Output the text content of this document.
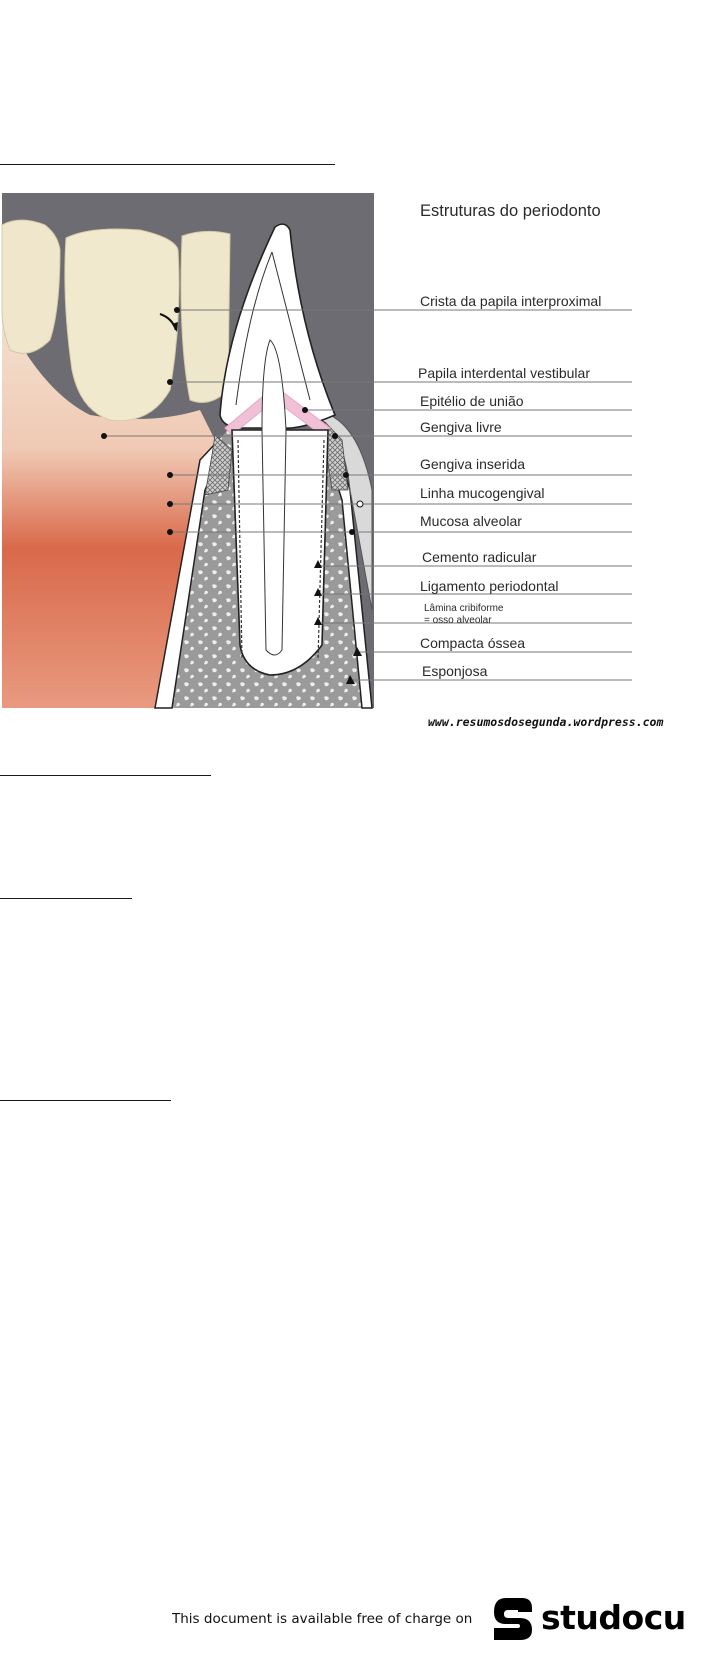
Estruturas do periodonto
Crista da papila interproximal
Papila interdental vestibular
Epitélio de união
Gengiva livre
Gengiva inserida
Linha mucogengival
Mucosa alveolar
Cemento radicular
Ligamento periodontal
Lâmina cribiforme
= osso alveolar
Compacta óssea
Esponjosa
www.resumosdosegunda.wordpress.com
This document is available free of charge on studocu
